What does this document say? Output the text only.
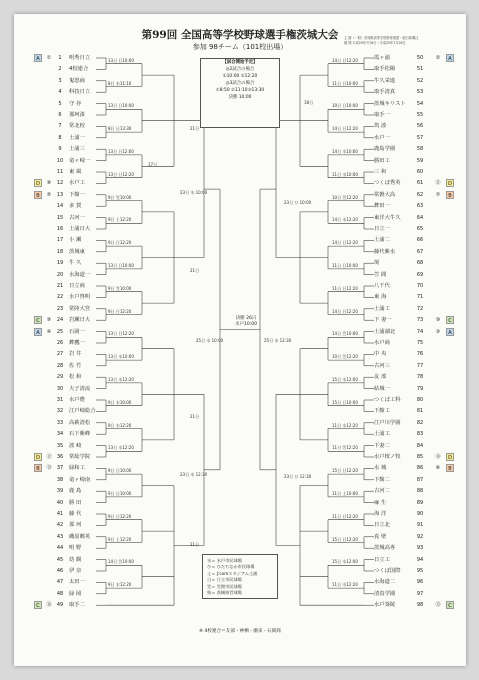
第99回 全国高等学校野球選手権茨城大会
参加 98チーム（101校出場）
主 催（一財）茨城県高等学校野球連盟・朝日新聞社
期 間 平成29年7月8日〜平成29年7月26日
1	明秀日立
2	4校連合
3	鬼怒商
4	科技日立
5	守 谷
6	那珂湊
7	常北校
8	土浦一
9	土浦三
10	竜ヶ崎一
11	東 風
12	水戸工
13	下館一
14	多 賀
15	古河一
16	土浦日大
17	小 瀬
18	茨城東
19	牛 久
20	水海道一
21	日立商
22	水戸啓明
23	常陸大宮
24	岩瀬日大
25	石岡一
26	鉾鷹一
27	岩 井
28	佐 竹
29	松 和
30	大子清流
31	水戸農
32	江戸崎総合
33	高萩清松
34	石下紫峰
35	波 崎
36	常総学院
37	緑和工
38	竜ヶ崎南
39	鹿 島
40	勝 田
41	藤 代
42	那 珂
43	磯原郷英
44	明 野
45	幼 観
46	伊 奈
47	太田一
48	緑 岡
49	取手二
A	①
D	⑧
B	⑤
C	⑨
A	④
D	⑫
B	⑬
C	⑯
13日 日10:00
8日 水11:10
13日 日10:00
8日 日13:30
13日 日12:00
13日 日12:20
9日 笠10:00
9日 土12:20
9日 日12:20
13日 日10:00
9日 笠10:00
9日 日12:20
13日 日12:20
13日 水10:00
13日 水12:20
9日 水10:00
9日 水12:20
13日 水12:20
9日 日10:00
9日 日10:00
9日 日12:20
9日 土12:20
14日 笠10:00
9日 水12:20
50
霞ヶ浦
51
取手松陽
52
牛久栄進
53
取手清真
54
茨城キリスト
55
取手一
56
筑 波
57
水戸一
58
鹿島学園
59
勝田工
60
三 和
61
つくば秀英
62
常磐大高
63
鉾田一
64
東洋大牛久
65
日立一
66
土浦二
67
藤代紫水
68
境
69
笠 間
70
八千代
71
東 海
72
土浦工
73
下 妻一
74
土浦湖北
75
水戸商
76
中 央
77
古河三
78
友 部
79
結城一
80
つくば工科
81
下館工
82
江戸川学園
83
土浦工
84
下妻二
85
水戸桜ノ牧
86
水 城
87
下館二
88
古河二
89
麻 生
90
海 洋
91
日立北
92
真 壁
93
茨城高専
94
日立工
95
つくば国際
96
水海道二
97
清真学園
98
水戸葵陵
A
②
D
⑪
B
⑦
C
⑩
A
③
D
⑭
B
⑥
C
⑮
14日 日12:20
11日 日10:00
10日 日10:00
14日 日12:20
14日 水10:00
11日 水10:00
10日 笠12:20
14日 水12:20
14日 日12:20
11日 日10:00
11日 日12:20
14日 日12:20
14日 笠10:00
10日 笠12:20
15日 水12:00
15日 日10:00
11日 水12:20
11日 笠12:20
15日 日12:20
11日 土10:00
11日 日12:20
15日 日12:20
15日 水12:00
11日 水12:20
17日
21日
21日
23日 水 10:00
25日 水 10:00
21日
21日
23日 水 12:30
18日
23日 ひ 10:00
25日 水 12:30
23日 ひ 12:30
決勝 26日
水戸10:00
【試合開始予定】
◎2試合の場合
①10:00 ②12:20
◎3試合の場合
①8:50 ②11:10③13:30
決勝 10:00
水＝ 水戸市民球場
ひ＝ ひたちなか市民球場
土＝ J:comスタジアム土浦
日＝ 日立市民球場
笠＝ 笠間市民球場
県＝ 茨城県営球場
※ 4校連合＝友部・神栖・潮来・石岡商
